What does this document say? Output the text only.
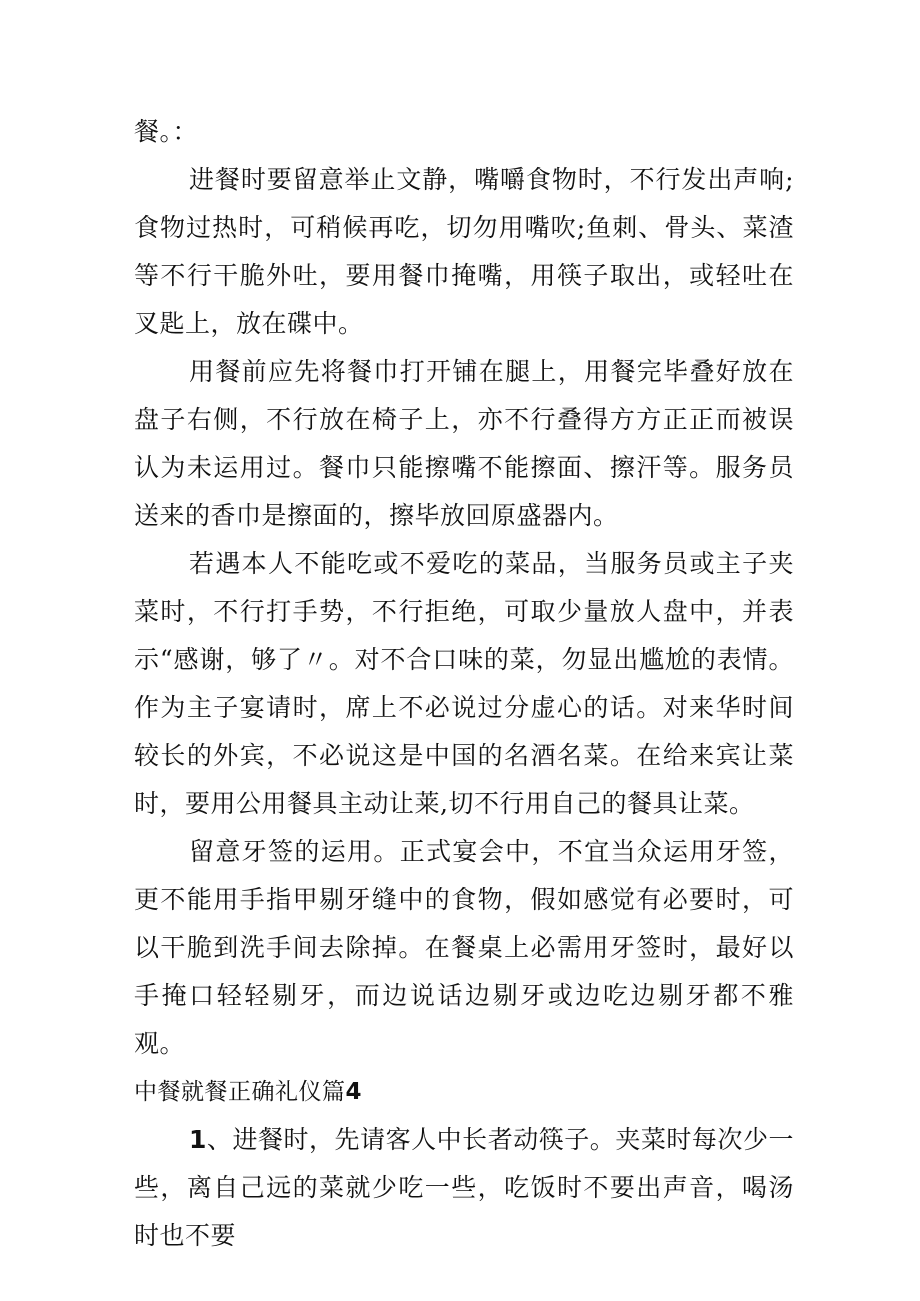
餐。：

进餐时要留意举止文静，嘴嚼食物时，不行发出声响;食物过热时，可稍候再吃，切勿用嘴吹;鱼刺、骨头、菜渣等不行干脆外吐，要用餐巾掩嘴，用筷子取出，或轻吐在叉匙上，放在碟中。

用餐前应先将餐巾打开铺在腿上，用餐完毕叠好放在盘子右侧，不行放在椅子上，亦不行叠得方方正正而被误认为未运用过。餐巾只能擦嘴不能擦面、擦汗等。服务员送来的香巾是擦面的，擦毕放回原盛器内。

若遇本人不能吃或不爱吃的菜品，当服务员或主子夹菜时，不行打手势，不行拒绝，可取少量放人盘中，并表示“感谢，够了〃。对不合口味的菜，勿显出尴尬的表情。作为主子宴请时，席上不必说过分虚心的话。对来华时间较长的外宾，不必说这是中国的名酒名菜。在给来宾让菜时，要用公用餐具主动让莱,切不行用自己的餐具让菜。

留意牙签的运用。正式宴会中，不宜当众运用牙签，更不能用手指甲剔牙缝中的食物，假如感觉有必要时，可以干脆到洗手间去除掉。在餐桌上必需用牙签时，最好以手掩口轻轻剔牙，而边说话边剔牙或边吃边剔牙都不雅观。

中餐就餐正确礼仪篇4

1、进餐时，先请客人中长者动筷子。夹菜时每次少一些，离自己远的菜就少吃一些，吃饭时不要出声音，喝汤时也不要
